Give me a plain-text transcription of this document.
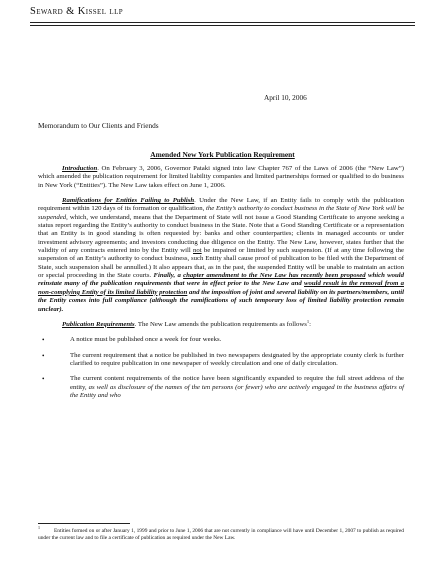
Seward & Kissel llp
April 10, 2006
Memorandum to Our Clients and Friends
Amended New York Publication Requirement

Introduction. On February 3, 2006, Governor Pataki signed into law Chapter 767 of the Laws of 2006 (the “New Law”) which amended the publication requirement for limited liability companies and limited partnerships formed or qualified to do business in New York (“Entities”). The New Law takes effect on June 1, 2006.

Ramifications for Entities Failing to Publish. Under the New Law, if an Entity fails to comply with the publication requirement within 120 days of its formation or qualification, the Entity’s authority to conduct business in the State of New York will be suspended, which, we understand, means that the Department of State will not issue a Good Standing Certificate to anyone seeking a status report regarding the Entity’s authority to conduct business in the State. Note that a Good Standing Certificate or a representation that an Entity is in good standing is often requested by: banks and other counterparties; clients in managed accounts or under investment advisory agreements; and investors conducting due diligence on the Entity. The New Law, however, states further that the validity of any contracts entered into by the Entity will not be impaired or limited by such suspension. (If at any time following the suspension of an Entity’s authority to conduct business, such Entity shall cause proof of publication to be filed with the Department of State, such suspension shall be annulled.) It also appears that, as in the past, the suspended Entity will be unable to maintain an action or special proceeding in the State courts. Finally, a chapter amendment to the New Law has recently been proposed which would reinstate many of the publication requirements that were in effect prior to the New Law and would result in the removal from a non-complying Entity of its limited liability protection and the imposition of joint and several liability on its partners/members, until the Entity comes into full compliance (although the ramifications of such temporary loss of limited liability protection remain unclear).

Publication Requirements. The New Law amends the publication requirements as follows$^1$:

•	A notice must be published once a week for four weeks.

•	The current requirement that a notice be published in two newspapers designated by the appropriate county clerk is further clarified to require publication in one newspaper of weekly circulation and one of daily circulation.

•	The current content requirements of the notice have been significantly expanded to require the full street address of the entity, as well as disclosure of the names of the ten persons (or fewer) who are actively engaged in the business affairs of the Entity and who

$^1$Entities formed on or after January 1, 1999 and prior to June 1, 2006 that are not currently in compliance will have until December 1, 2007 to publish as required under the current law and to file a certificate of publication as required under the New Law.
